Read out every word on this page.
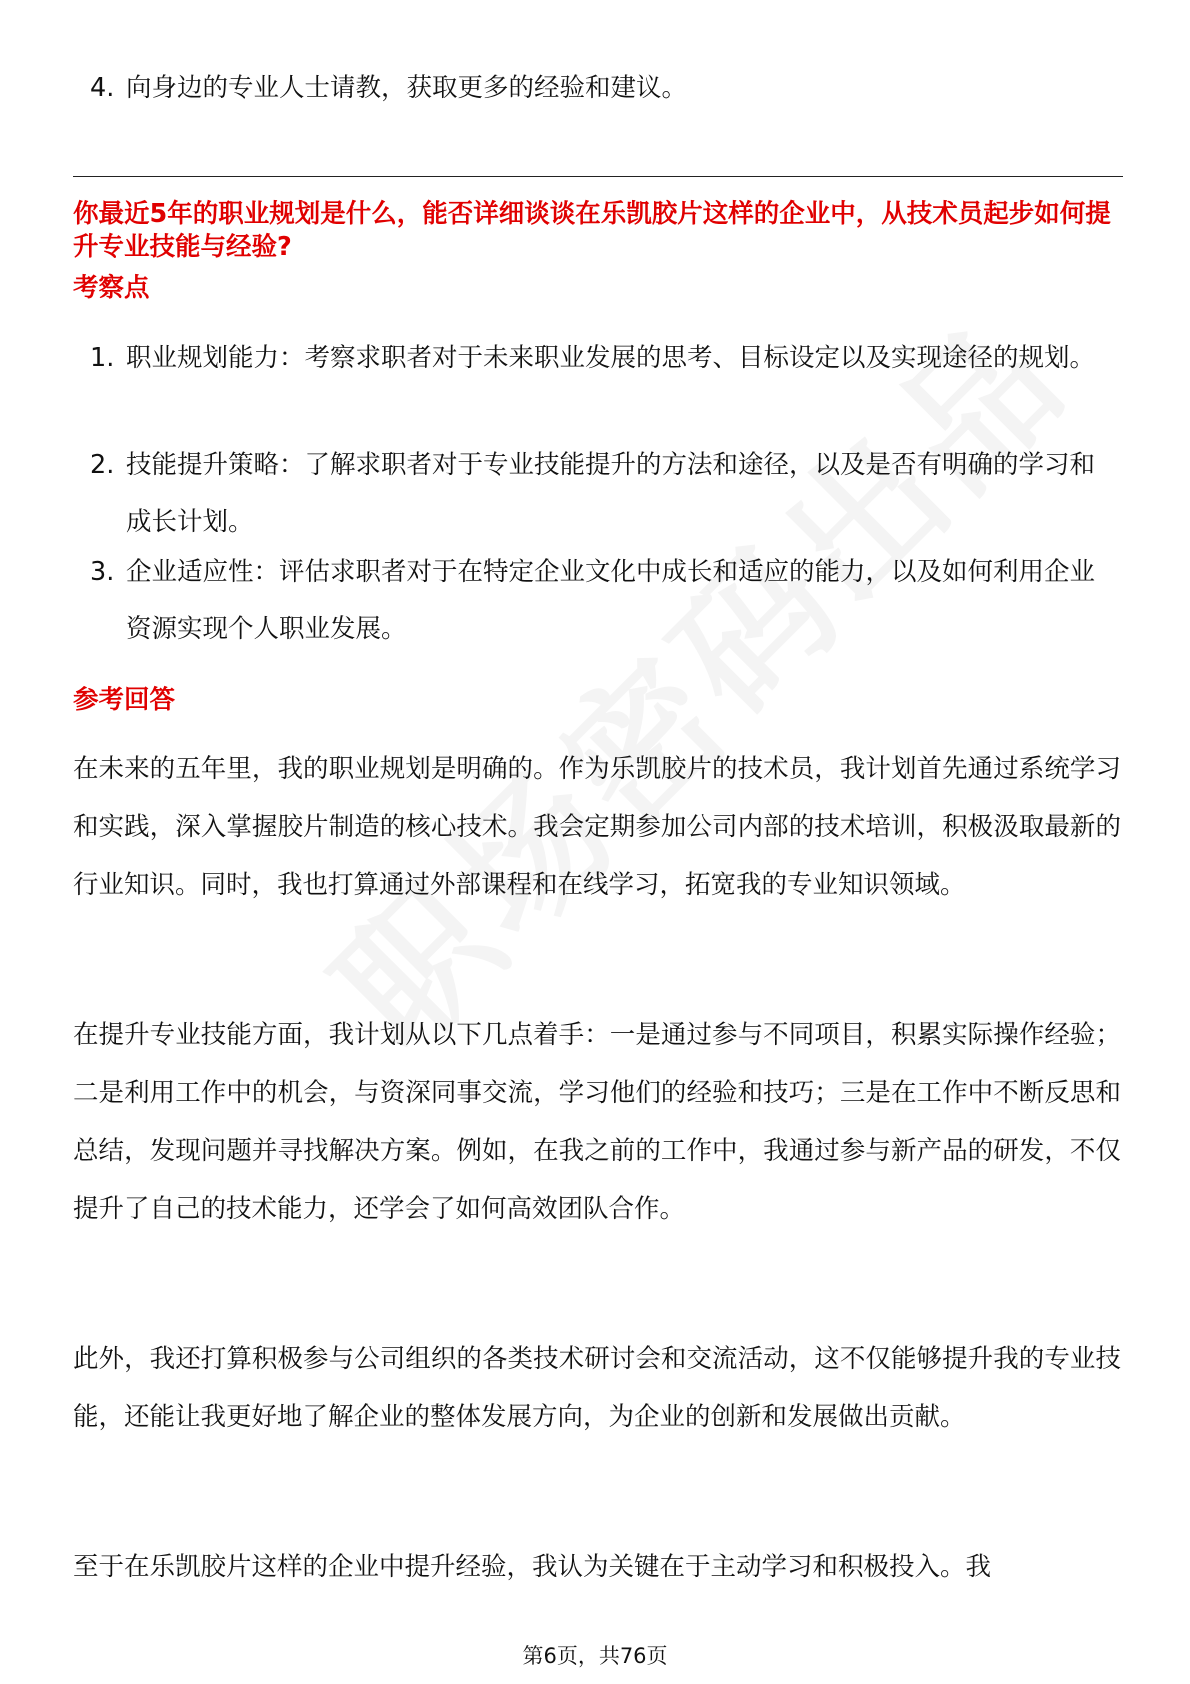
4. 向身边的专业人士请教，获取更多的经验和建议。
你最近5年的职业规划是什么，能否详细谈谈在乐凯胶片这样的企业中，从技术员起步如何提升专业技能与经验?
考察点
1. 职业规划能力：考察求职者对于未来职业发展的思考、目标设定以及实现途径的规划。
2. 技能提升策略：了解求职者对于专业技能提升的方法和途径，以及是否有明确的学习和成长计划。
3. 企业适应性：评估求职者对于在特定企业文化中成长和适应的能力，以及如何利用企业资源实现个人职业发展。
参考回答
在未来的五年里，我的职业规划是明确的。作为乐凯胶片的技术员，我计划首先通过系统学习和实践，深入掌握胶片制造的核心技术。我会定期参加公司内部的技术培训，积极汲取最新的行业知识。同时，我也打算通过外部课程和在线学习，拓宽我的专业知识领域。
在提升专业技能方面，我计划从以下几点着手：一是通过参与不同项目，积累实际操作经验；二是利用工作中的机会，与资深同事交流，学习他们的经验和技巧；三是在工作中不断反思和总结，发现问题并寻找解决方案。例如，在我之前的工作中，我通过参与新产品的研发，不仅提升了自己的技术能力，还学会了如何高效团队合作。
此外，我还打算积极参与公司组织的各类技术研讨会和交流活动，这不仅能够提升我的专业技能，还能让我更好地了解企业的整体发展方向，为企业的创新和发展做出贡献。
至于在乐凯胶片这样的企业中提升经验，我认为关键在于主动学习和积极投入。我
第6页，共76页
